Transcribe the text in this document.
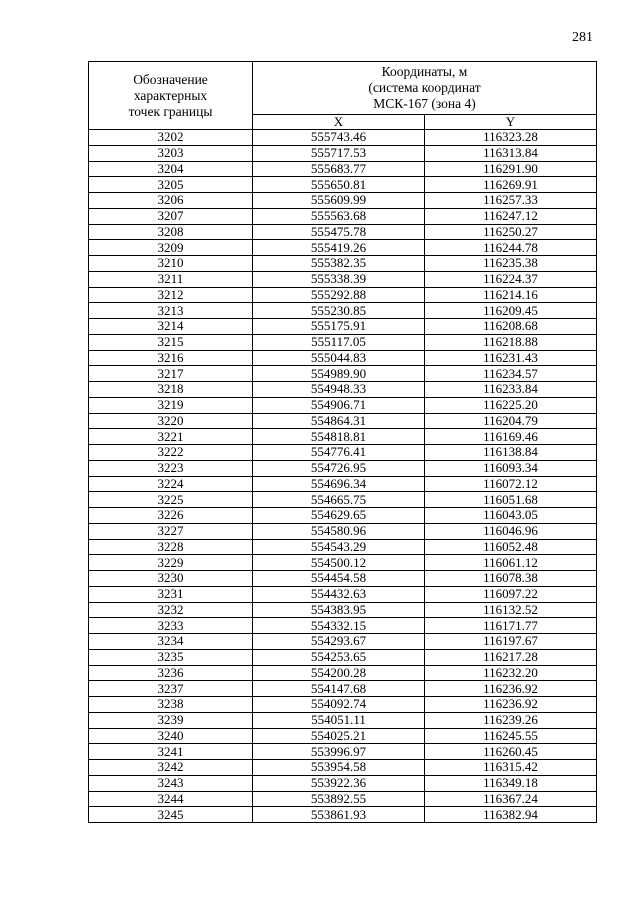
281
Обозначение
характерных
точек границы	Координаты, м
(система координат
МСК-167 (зона 4)	

	X	Y
3202	555743.46	116323.28
3203	555717.53	116313.84
3204	555683.77	116291.90
3205	555650.81	116269.91
3206	555609.99	116257.33
3207	555563.68	116247.12
3208	555475.78	116250.27
3209	555419.26	116244.78
3210	555382.35	116235.38
3211	555338.39	116224.37
3212	555292.88	116214.16
3213	555230.85	116209.45
3214	555175.91	116208.68
3215	555117.05	116218.88
3216	555044.83	116231.43
3217	554989.90	116234.57
3218	554948.33	116233.84
3219	554906.71	116225.20
3220	554864.31	116204.79
3221	554818.81	116169.46
3222	554776.41	116138.84
3223	554726.95	116093.34
3224	554696.34	116072.12
3225	554665.75	116051.68
3226	554629.65	116043.05
3227	554580.96	116046.96
3228	554543.29	116052.48
3229	554500.12	116061.12
3230	554454.58	116078.38
3231	554432.63	116097.22
3232	554383.95	116132.52
3233	554332.15	116171.77
3234	554293.67	116197.67
3235	554253.65	116217.28
3236	554200.28	116232.20
3237	554147.68	116236.92
3238	554092.74	116236.92
3239	554051.11	116239.26
3240	554025.21	116245.55
3241	553996.97	116260.45
3242	553954.58	116315.42
3243	553922.36	116349.18
3244	553892.55	116367.24
3245	553861.93	116382.94
